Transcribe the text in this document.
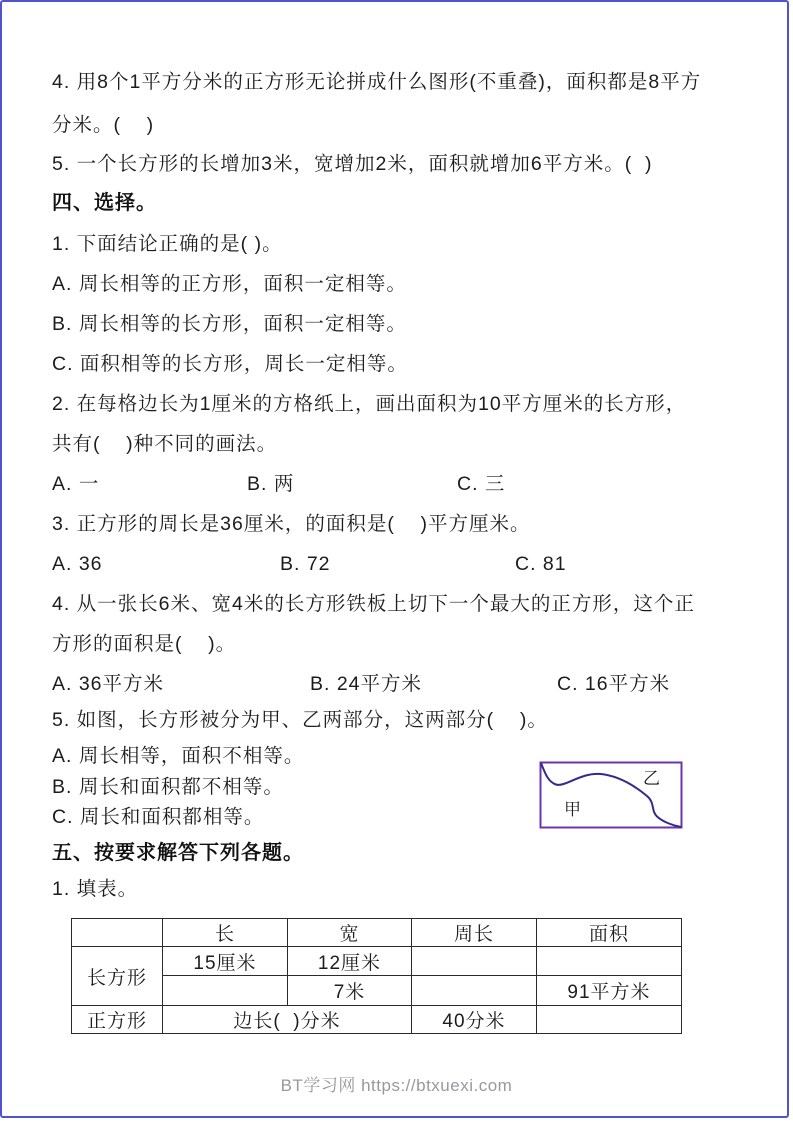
4. 用8个1平方分米的正方形无论拼成什么图形(不重叠)，面积都是8平方
分米。(    )
5. 一个长方形的长增加3米，宽增加2米，面积就增加6平方米。(  )
四、选择。
1. 下面结论正确的是( )。
A. 周长相等的正方形，面积一定相等。
B. 周长相等的长方形，面积一定相等。
C. 面积相等的长方形，周长一定相等。
2. 在每格边长为1厘米的方格纸上，画出面积为10平方厘米的长方形，
共有(    )种不同的画法。
A. 一	B. 两	C. 三
3. 正方形的周长是36厘米，的面积是(    )平方厘米。
A. 36	B. 72	C. 81
4. 从一张长6米、宽4米的长方形铁板上切下一个最大的正方形，这个正
方形的面积是(    )。
A. 36平方米	B. 24平方米	C. 16平方米
5. 如图，长方形被分为甲、乙两部分，这两部分(    )。
A. 周长相等，面积不相等。
B. 周长和面积都不相等。
C. 周长和面积都相等。
乙
甲
五、按要求解答下列各题。
1. 填表。
	长	宽	周长	面积
长方形	15厘米	12厘米		
		7米		91平方米
正方形	边长(  )分米		40分米	
BT学习网 https://btxuexi.com
